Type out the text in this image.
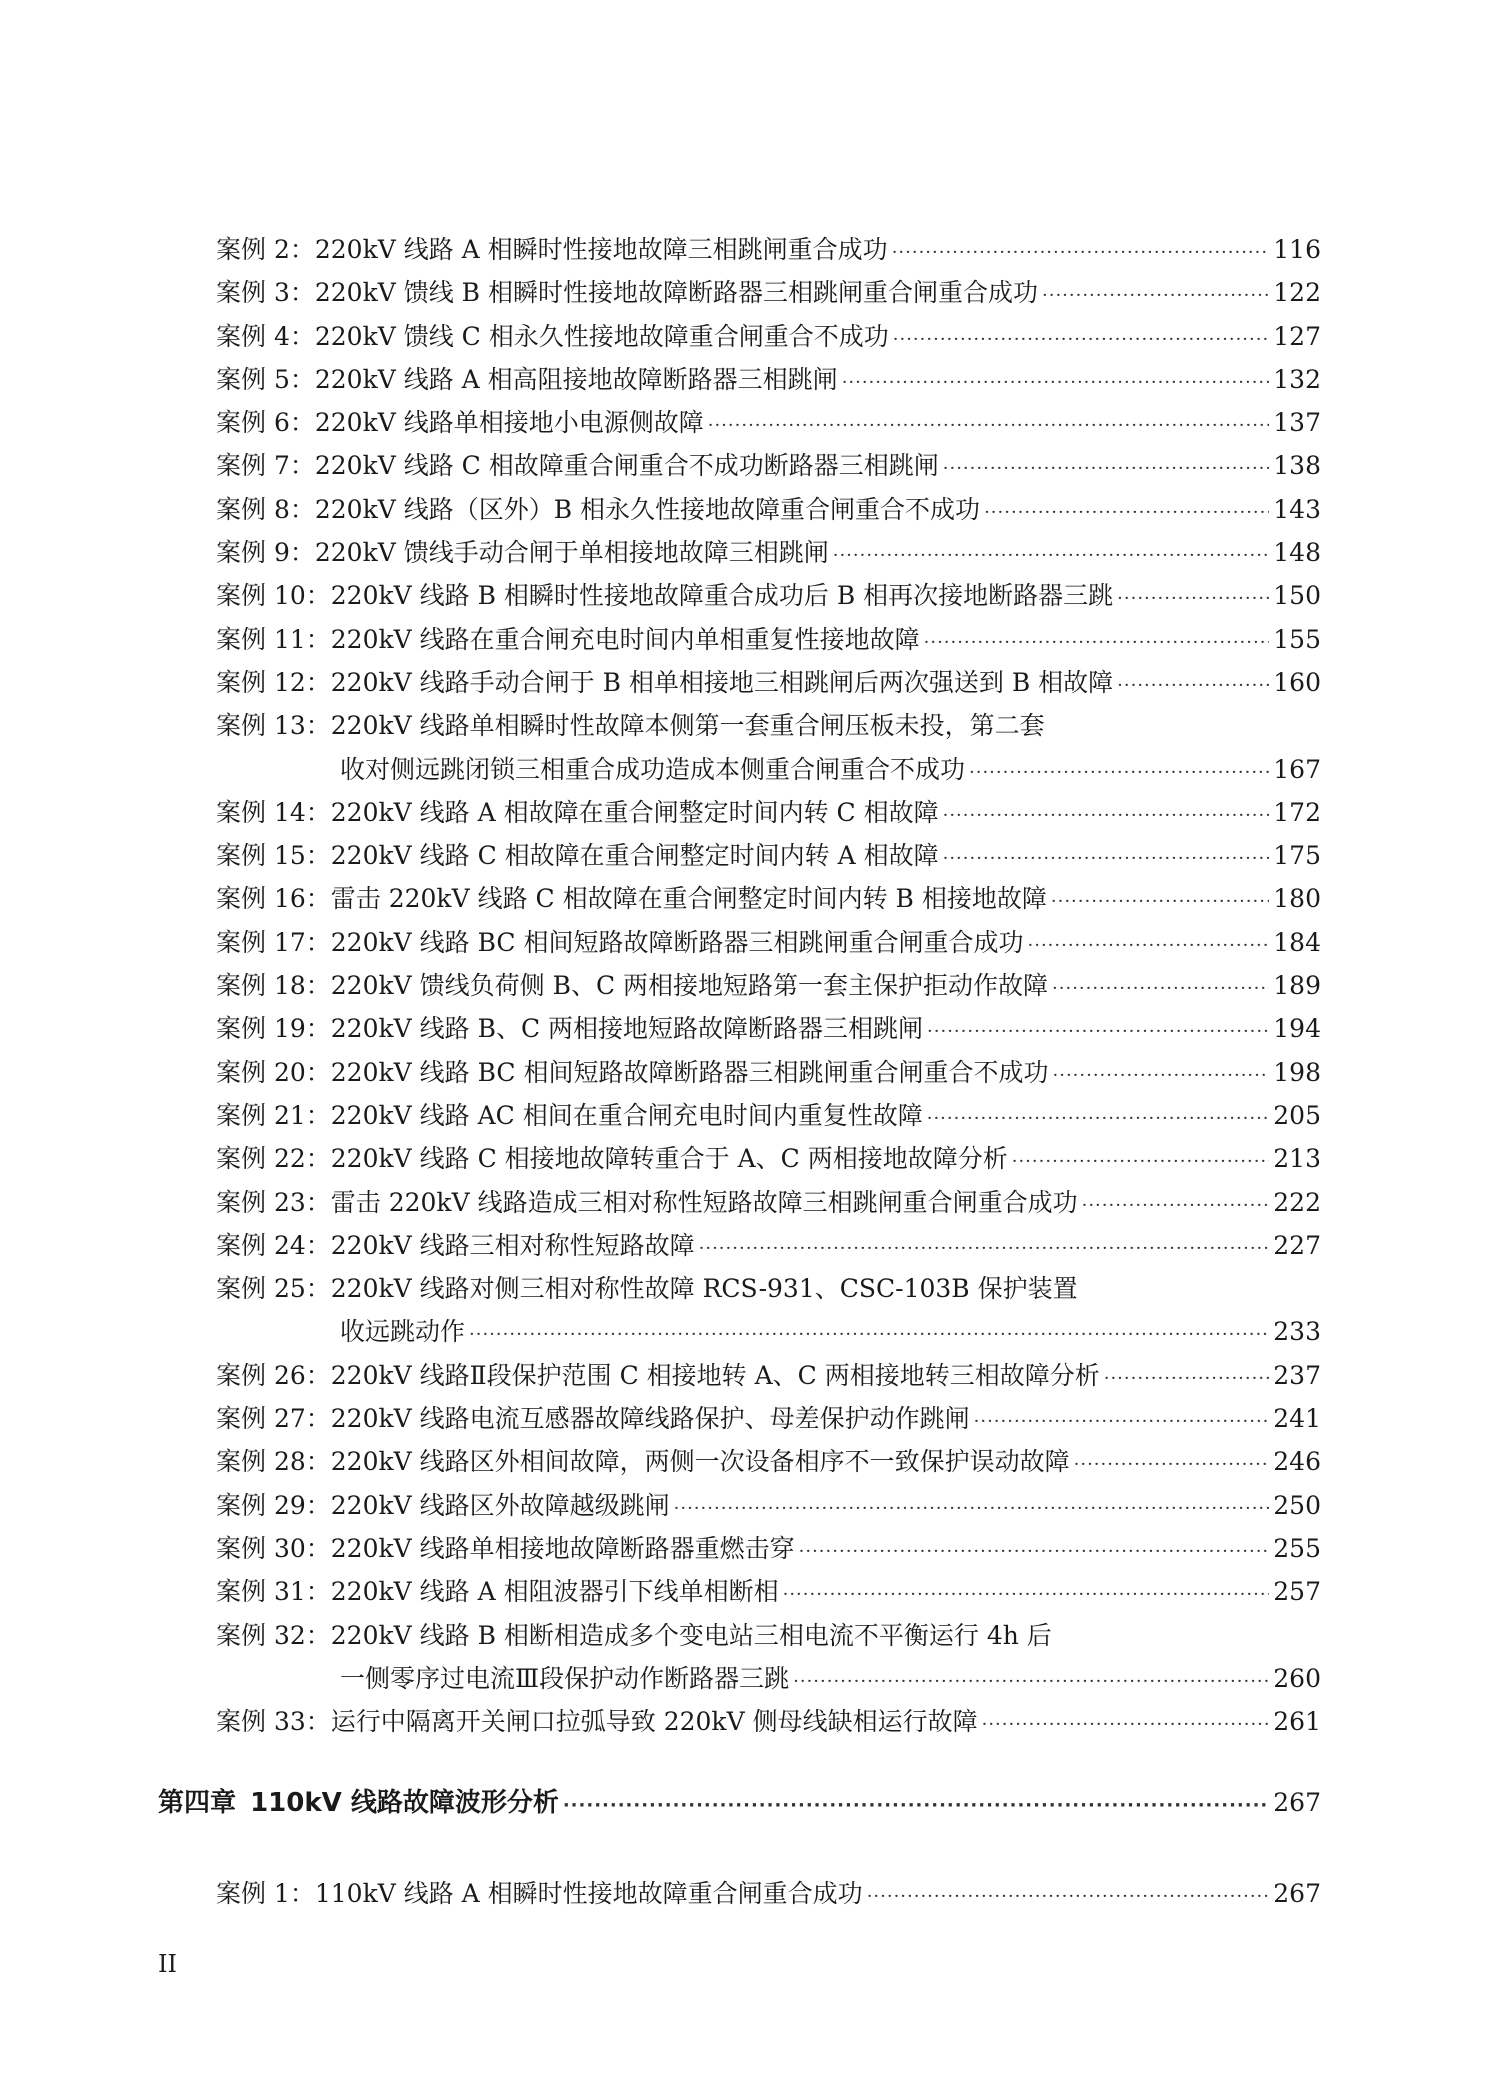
案例 2： 220kV 线路 A 相瞬时性接地故障三相跳闸重合成功 ·····	116
案例 3： 220kV 馈线 B 相瞬时性接地故障断路器三相跳闸重合闸重合成功 ·····	122
案例 4： 220kV 馈线 C 相永久性接地故障重合闸重合不成功 ·····	127
案例 5： 220kV 线路 A 相高阻接地故障断路器三相跳闸 ·····	132
案例 6： 220kV 线路单相接地小电源侧故障 ·····	137
案例 7： 220kV 线路 C 相故障重合闸重合不成功断路器三相跳闸 ·····	138
案例 8： 220kV 线路（区外）B 相永久性接地故障重合闸重合不成功 ·····	143
案例 9： 220kV 馈线手动合闸于单相接地故障三相跳闸 ·····	148
案例 10： 220kV 线路 B 相瞬时性接地故障重合成功后 B 相再次接地断路器三跳 ·····	150
案例 11： 220kV 线路在重合闸充电时间内单相重复性接地故障 ·····	155
案例 12： 220kV 线路手动合闸于 B 相单相接地三相跳闸后两次强送到 B 相故障 ·····	160
案例 13： 220kV 线路单相瞬时性故障本侧第一套重合闸压板未投，第二套
收对侧远跳闭锁三相重合成功造成本侧重合闸重合不成功 ·····	167
案例 14： 220kV 线路 A 相故障在重合闸整定时间内转 C 相故障 ·····	172
案例 15： 220kV 线路 C 相故障在重合闸整定时间内转 A 相故障 ·····	175
案例 16： 雷击 220kV 线路 C 相故障在重合闸整定时间内转 B 相接地故障 ·····	180
案例 17： 220kV 线路 BC 相间短路故障断路器三相跳闸重合闸重合成功 ·····	184
案例 18： 220kV 馈线负荷侧 B、C 两相接地短路第一套主保护拒动作故障 ·····	189
案例 19： 220kV 线路 B、C 两相接地短路故障断路器三相跳闸 ·····	194
案例 20： 220kV 线路 BC 相间短路故障断路器三相跳闸重合闸重合不成功 ·····	198
案例 21： 220kV 线路 AC 相间在重合闸充电时间内重复性故障 ·····	205
案例 22： 220kV 线路 C 相接地故障转重合于 A、C 两相接地故障分析 ·····	213
案例 23： 雷击 220kV 线路造成三相对称性短路故障三相跳闸重合闸重合成功 ·····	222
案例 24： 220kV 线路三相对称性短路故障 ·····	227
案例 25： 220kV 线路对侧三相对称性故障 RCS-931、CSC-103B 保护装置
收远跳动作 ·····	233
案例 26： 220kV 线路Ⅱ段保护范围 C 相接地转 A、C 两相接地转三相故障分析 ·····	237
案例 27： 220kV 线路电流互感器故障线路保护、母差保护动作跳闸 ·····	241
案例 28： 220kV 线路区外相间故障，两侧一次设备相序不一致保护误动故障 ·····	246
案例 29： 220kV 线路区外故障越级跳闸 ·····	250
案例 30： 220kV 线路单相接地故障断路器重燃击穿 ·····	255
案例 31： 220kV 线路 A 相阻波器引下线单相断相 ·····	257
案例 32： 220kV 线路 B 相断相造成多个变电站三相电流不平衡运行 4h 后
一侧零序过电流Ⅲ段保护动作断路器三跳 ·····	260
案例 33： 运行中隔离开关闸口拉弧导致 220kV 侧母线缺相运行故障 ·····	261
第四章 110kV 线路故障波形分析 ·····	267
案例 1： 110kV 线路 A 相瞬时性接地故障重合闸重合成功 ·····	267
II
